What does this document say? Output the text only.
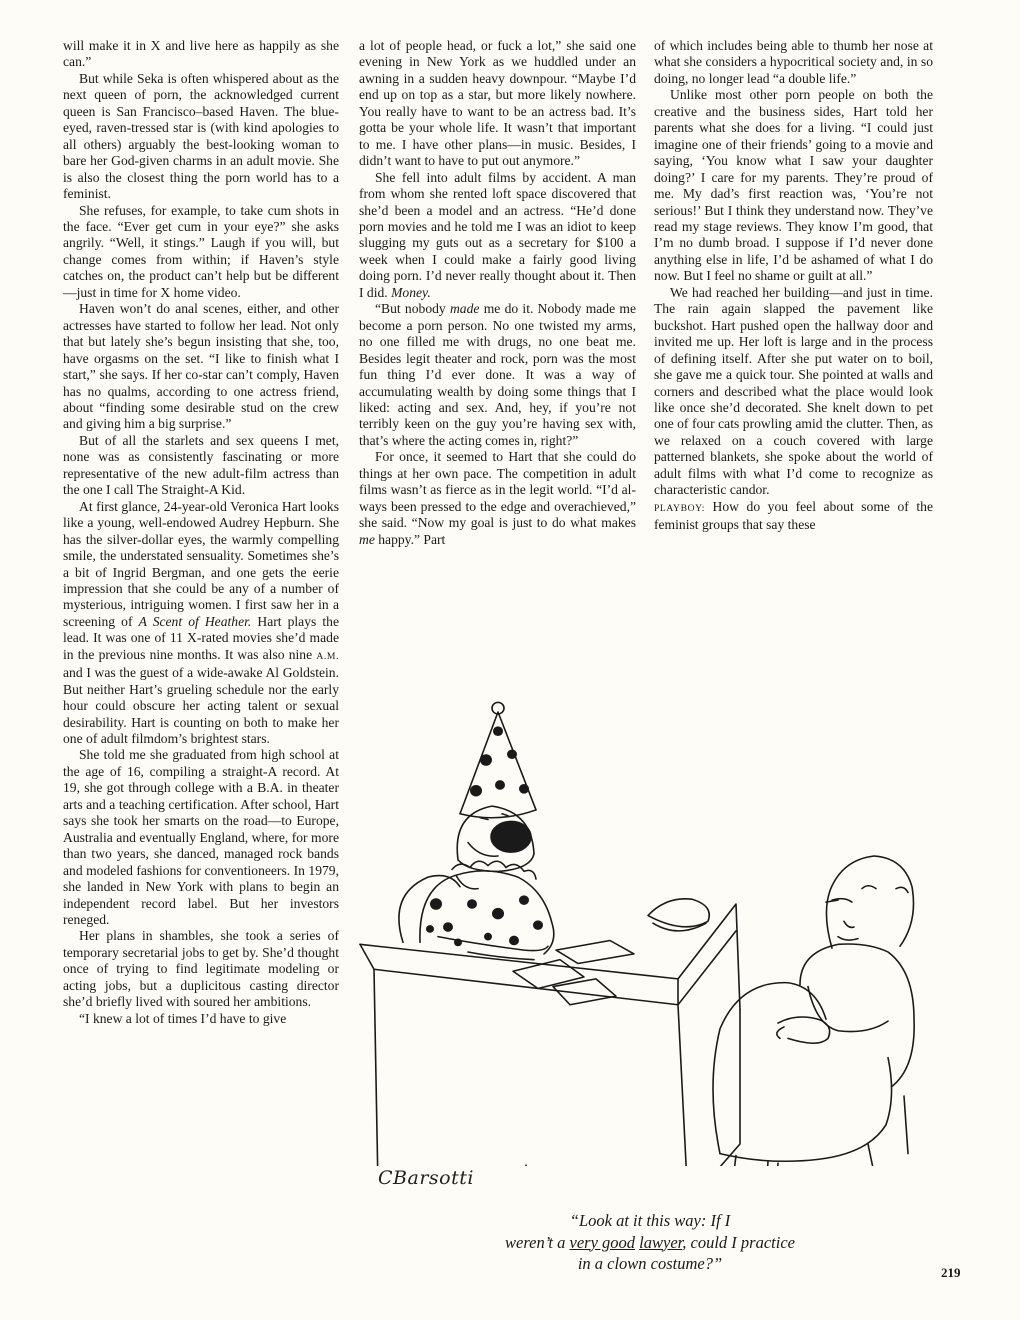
will make it in X and live here as happily as she can.”

But while Seka is often whispered about as the next queen of porn, the acknowledged current queen is San Francisco–based Haven. The blue-eyed, raven-tressed star is (with kind apologies to all others) arguably the best-looking woman to bare her God-given charms in an adult movie. She is also the closest thing the porn world has to a feminist.

She refuses, for example, to take cum shots in the face. “Ever get cum in your eye?” she asks angrily. “Well, it stings.” Laugh if you will, but change comes from within; if Haven’s style catches on, the product can’t help but be different—just in time for X home video.

Haven won’t do anal scenes, either, and other actresses have started to follow her lead. Not only that but lately she’s begun insisting that she, too, have orgasms on the set. “I like to finish what I start,” she says. If her co-star can’t comply, Haven has no qualms, according to one actress friend, about “finding some desirable stud on the crew and giving him a big surprise.”

But of all the starlets and sex queens I met, none was as consistently fascinating or more representative of the new adult-film actress than the one I call The Straight-A Kid.

At first glance, 24-year-old Veronica Hart looks like a young, well-endowed Audrey Hepburn. She has the silver-dollar eyes, the warmly compelling smile, the understated sensuality. Sometimes she’s a bit of Ingrid Bergman, and one gets the eerie impression that she could be any of a number of mysterious, intriguing women. I first saw her in a screening of A Scent of Heather. Hart plays the lead. It was one of 11 X-rated movies she’d made in the previous nine months. It was also nine A.M. and I was the guest of a wide-awake Al Goldstein. But neither Hart’s grueling schedule nor the early hour could obscure her acting talent or sexual desirability. Hart is counting on both to make her one of adult filmdom’s brightest stars.

She told me she graduated from high school at the age of 16, compiling a straight-A record. At 19, she got through college with a B.A. in theater arts and a teaching certification. After school, Hart says she took her smarts on the road—to Europe, Australia and eventually England, where, for more than two years, she danced, managed rock bands and modeled fashions for conventioneers. In 1979, she landed in New York with plans to begin an independent record label. But her investors reneged.

Her plans in shambles, she took a series of temporary secretarial jobs to get by. She’d thought once of trying to find legitimate modeling or acting jobs, but a duplicitous casting director she’d briefly lived with soured her ambitions.

“I knew a lot of times I’d have to give

a lot of people head, or fuck a lot,” she said one evening in New York as we huddled under an awning in a sudden heavy downpour. “Maybe I’d end up on top as a star, but more likely nowhere. You really have to want to be an actress bad. It’s gotta be your whole life. It wasn’t that important to me. I have other plans—in music. Besides, I didn’t want to have to put out anymore.”

She fell into adult films by accident. A man from whom she rented loft space discovered that she’d been a model and an actress. “He’d done porn movies and he told me I was an idiot to keep slugging my guts out as a secretary for $100 a week when I could make a fairly good living doing porn. I’d never really thought about it. Then I did. Money.

“But nobody made me do it. Nobody made me become a porn person. No one twisted my arms, no one filled me with drugs, no one beat me. Besides legit theater and rock, porn was the most fun thing I’d ever done. It was a way of accumulating wealth by doing some things that I liked: acting and sex. And, hey, if you’re not terribly keen on the guy you’re having sex with, that’s where the acting comes in, right?”

For once, it seemed to Hart that she could do things at her own pace. The competition in adult films wasn’t as fierce as in the legit world. “I’d always been pressed to the edge and overachieved,” she said. “Now my goal is just to do what makes me happy.” Part

of which includes being able to thumb her nose at what she considers a hypocritical society and, in so doing, no longer lead “a double life.”

Unlike most other porn people on both the creative and the business sides, Hart told her parents what she does for a living. “I could just imagine one of their friends’ going to a movie and saying, ‘You know what I saw your daughter doing?’ I care for my parents. They’re proud of me. My dad’s first reaction was, ‘You’re not serious!’ But I think they understand now. They’ve read my stage reviews. They know I’m good, that I’m no dumb broad. I suppose if I’d never done anything else in life, I’d be ashamed of what I do now. But I feel no shame or guilt at all.”

We had reached her building—and just in time. The rain again slapped the pavement like buckshot. Hart pushed open the hallway door and invited me up. Her loft is large and in the process of defining itself. After she put water on to boil, she gave me a quick tour. She pointed at walls and corners and described what the place would look like once she’d decorated. She knelt down to pet one of four cats prowling amid the clutter. Then, as we relaxed on a couch covered with large patterned blankets, she spoke about the world of adult films with what I’d come to recognize as characteristic candor.

PLAYBOY: How do you feel about some of the feminist groups that say these

CBarsotti
“Look at it this way: If I
weren’t a very good lawyer, could I practice
in a clown costume?”	219
